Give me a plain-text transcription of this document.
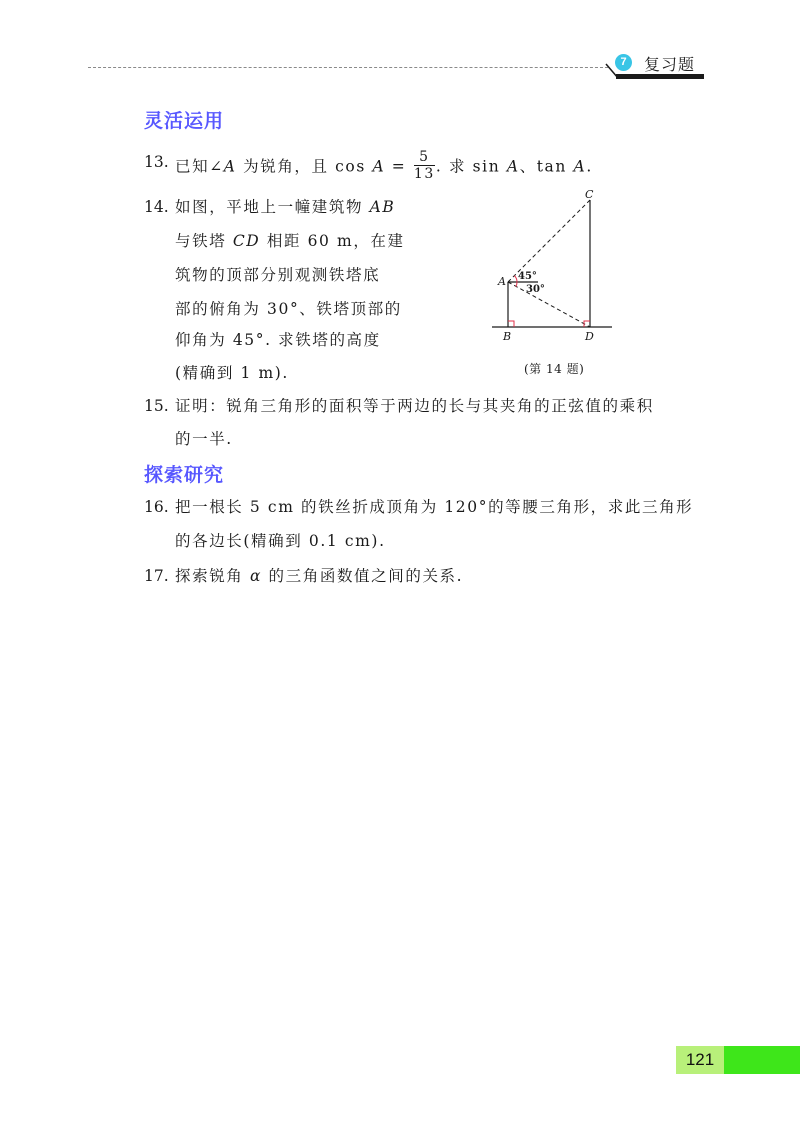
7	复习题
灵活运用
13. 已知∠A 为锐角，且 $\cos A = \frac{5}{13}$ . 求 sin A、tan A.
14. 如图，平地上一幢建筑物 AB
与铁塔 CD 相距 60 m，在建
筑物的顶部分别观测铁塔底
部的俯角为 30°、铁塔顶部的
仰角为 45°. 求铁塔的高度
(精确到 1 m).
C
A
B	D
45°
30°
(第 14 题)
15. 证明：锐角三角形的面积等于两边的长与其夹角的正弦值的乘积
的一半.
探索研究
16. 把一根长 5 cm 的铁丝折成顶角为 120°的等腰三角形，求此三角形
的各边长(精确到 0.1 cm).
17. 探索锐角 α 的三角函数值之间的关系.
121
